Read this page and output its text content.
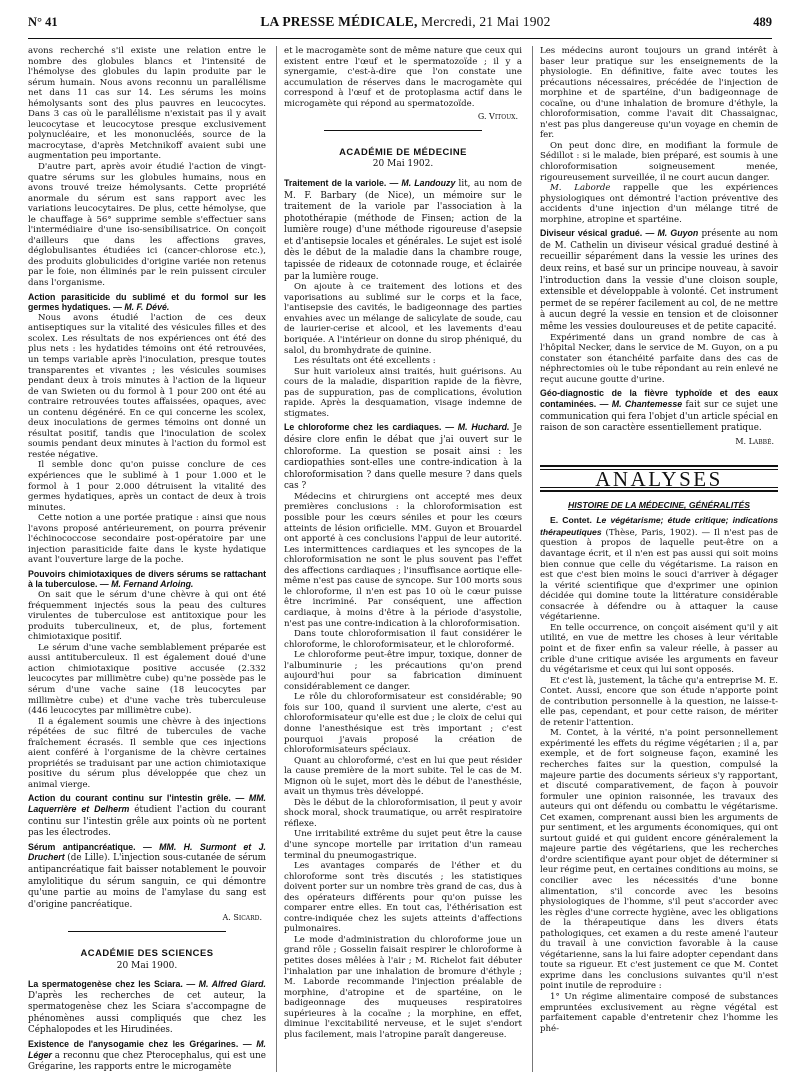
N° 41	LA PRESSE MÉDICALE, Mercredi, 21 Mai 1902	489

avons recherché s'il existe une relation entre le nombre des globules blancs et l'intensité de l'hémolyse des globules du lapin produite par le sérum humain. Nous avons reconnu un parallélisme net dans 11 cas sur 14. Les sérums les moins hémolysants sont des plus pauvres en leucocytes. Dans 3 cas où le parallélisme n'existait pas il y avait leucocytase et leucocytose presque exclusivement polynucléaire, et les mononucléés, source de la macrocytase, d'après Metchnikoff avaient subi une augmentation peu importante.

D'autre part, après avoir étudié l'action de vingt-quatre sérums sur les globules humains, nous en avons trouvé treize hémolysants. Cette propriété anormale du sérum est sans rapport avec les variations leucocytaires. De plus, cette hémolyse, que le chauffage à 56° supprime semble s'effectuer sans l'intermédiaire d'une iso-sensibilisatrice. On conçoit d'ailleurs que dans les affections graves, déglobulisantes étudiées ici (cancer-chlorose etc.), des produits globulicides d'origine variée non retenus par le foie, non éliminés par le rein puissent circuler dans l'organisme.

Action parasiticide du sublimé et du formol sur les germes hydatiques. — M. F. Dévé.

Nous avons étudié l'action de ces deux antiseptiques sur la vitalité des vésicules filles et des scolex. Les résultats de nos expériences ont été des plus nets : les hydatides témoins ont été retrouvées, un temps variable après l'inoculation, presque toutes transparentes et vivantes ; les vésicules soumises pendant deux à trois minutes à l'action de la liqueur de van Swieten ou du formol à 1 pour 200 ont été au contraire retrouvées toutes affaissées, opaques, avec un contenu dégénéré. En ce qui concerne les scolex, deux inoculations de germes témoins ont donné un résultat positif, tandis que l'inoculation de scolex soumis pendant deux minutes à l'action du formol est restée négative.

Il semble donc qu'on puisse conclure de ces expériences que le sublimé à 1 pour 1.000 et le formol à 1 pour 2.000 détruisent la vitalité des germes hydatiques, après un contact de deux à trois minutes.

Cette notion a une portée pratique : ainsi que nous l'avons proposé antérieurement, on pourra prévenir l'échinococcose secondaire post-opératoire par une injection parasiticide faite dans le kyste hydatique avant l'ouverture large de la poche.

Pouvoirs chimiotaxiques de divers sérums se rattachant à la tuberculose. — M. Fernand Arloing.

On sait que le sérum d'une chèvre à qui ont été fréquemment injectés sous la peau des cultures virulentes de tuberculose est antitoxique pour les produits tuberculineux, et, de plus, fortement chimiotaxique positif.

Le sérum d'une vache semblablement préparée est aussi antituberculeux. Il est également doué d'une action chimiotaxique positive accusée (2.332 leucocytes par millimètre cube) qu'ne possède pas le sérum d'une vache saine (18 leucocytes par millimètre cube) et d'une vache très tuberculeuse (446 leucocytes par millimètre cube).

Il a également soumis une chèvre à des injections répétées de suc filtré de tubercules de vache fraîchement écrasés. Il semble que ces injections aient conféré à l'organisme de la chèvre certaines propriétés se traduisant par une action chimiotaxique positive du sérum plus développée que chez un animal vierge.

Action du courant continu sur l'intestin grêle. — MM. Laquerrière et Delherm étudient l'action du courant continu sur l'intestin grêle aux points où ne portent pas les électrodes.
Sérum antipancréatique. — MM. H. Surmont et J. Druchert (de Lille). L'injection sous-cutanée de sérum antipancréatique fait baisser notablement le pouvoir amylolitique du sérum sanguin, ce qui démontre qu'une partie au moins de l'amylase du sang est d'origine pancréatique.
A. Sicard.
ACADÉMIE DES SCIENCES
20 Mai 1900.
La spermatogenèse chez les Sciara. — M. Alfred Giard. D'après les recherches de cet auteur, la spermatogenèse chez les Sciara s'accompagne de phénomènes aussi compliqués que chez les Céphalopodes et les Hirudinées.
Existence de l'anysogamie chez les Grégarines. — M. Léger a reconnu que chez Pterocephalus, qui est une Grégarine, les rapports entre le microgamète

et le macrogamète sont de même nature que ceux qui existent entre l'œuf et le spermatozoïde ; il y a synergamie, c'est-à-dire que l'on constate une accumulation de réserves dans le macrogamète qui correspond à l'œuf et de protoplasma actif dans le microgamète qui répond au spermatozoïde.

G. Vitoux.
ACADÉMIE DE MÉDECINE
20 Mai 1902.
Traitement de la variole. — M. Landouzy lit, au nom de M. F. Barbary (de Nice), un mémoire sur le traitement de la variole par l'association à la photothérapie (méthode de Finsen; action de la lumière rouge) d'une méthode rigoureuse d'asepsie et d'antisepsie locales et générales. Le sujet est isolé dès le début de la maladie dans la chambre rouge, tapissée de rideaux de cotonnade rouge, et éclairée par la lumière rouge.

On ajoute à ce traitement des lotions et des vaporisations au sublimé sur le corps et la face, l'antisepsie des cavités, le badigeonnage des parties envahies avec un mélange de salicylate de soude, cau de laurier-cerise et alcool, et les lavements d'eau boriquée. A l'intérieur on donne du sirop phéniqué, du salol, du bromhydrate de quinine.

Les résultats ont été excellents :

Sur huit varioleux ainsi traités, huit guérisons. Au cours de la maladie, disparition rapide de la fièvre, pas de suppuration, pas de complications, évolution rapide. Après la desquamation, visage indemne de stigmates.

Le chloroforme chez les cardiaques. — M. Huchard. Je désire clore enfin le débat que j'ai ouvert sur le chloroforme. La question se posait ainsi : les cardiopathies sont-elles une contre-indication à la chloroformisation ? dans quelle mesure ? dans quels cas ?

Médecins et chirurgiens ont accepté mes deux premières conclusions : la chloroformisation est possible pour les cœurs séniles et pour les cœurs atteints de lésion orificielle. MM. Guyon et Brouardel ont apporté à ces conclusions l'appui de leur autorité. Les intermittences cardiaques et les syncopes de la chloroformisation ne sont le plus souvent pas l'effet des affections cardiaques ; l'insuffisance aortique elle-même n'est pas cause de syncope. Sur 100 morts sous le chloroforme, il n'en est pas 10 où le cœur puisse être incriminé. Par conséquent, une affection cardiaque, à moins d'être à la période d'asystolie, n'est pas une contre-indication à la chloroformisation.

Dans toute chloroformisation il faut considérer le chloroforme, le chloroformisateur, et le chloroformé.

Le chloroforme peut-être impur, toxique, donner de l'albuminurie ; les précautions qu'on prend aujourd'hui pour sa fabrication diminuent considérablement ce danger.

Le rôle du chloroformisateur est considérable; 90 fois sur 100, quand il survient une alerte, c'est au chloroformisateur qu'elle est due ; le cloix de celui qui donne l'anesthésique est très important ; c'est pourquoi j'avais proposé la création de chloroformisateurs spéciaux.

Quant au chloroformé, c'est en lui que peut résider la cause première de la mort subite. Tel le cas de M. Mignon où le sujet, mort dès le début de l'anesthésie, avait un thymus très développé.

Dès le début de la chloroformisation, il peut y avoir shock moral, shock traumatique, ou arrêt respiratoire réflexe.

Une irritabilité extrême du sujet peut être la cause d'une syncope mortelle par irritation d'un rameau terminal du pneumogastrique.

Les avantages comparés de l'éther et du chloroforme sont très discutés ; les statistiques doivent porter sur un nombre très grand de cas, dus à des opérateurs différents pour qu'on puisse les comparer entre elles. En tout cas, l'éthérisation est contre-indiquée chez les sujets atteints d'affections pulmonaires.

Le mode d'administration du chloroforme joue un grand rôle ; Gosselin faisait respirer le chloroforme à petites doses mêlées à l'air ; M. Richelot fait débuter l'inhalation par une inhalation de bromure d'éthyle ; M. Laborde recommande l'injection préalable de morphine, d'atropine et de spartéine, on le badigeonnage des muqueuses respiratoires supérieures à la cocaïne ; la morphine, en effet, diminue l'excitabilité nerveuse, et le sujet s'endort plus facilement, mais l'atropine paraît dangereuse.

Les médecins auront toujours un grand intérêt à baser leur pratique sur les enseignements de la physiologie. En définitive, faite avec toutes les précautions nécessaires, précédée de l'injection de morphine et de spartéine, d'un badigeonnage de cocaïne, ou d'une inhalation de bromure d'éthyle, la chloroformisation, comme l'avait dit Chassaignac, n'est pas plus dangereuse qu'un voyage en chemin de fer.

On peut donc dire, en modifiant la formule de Sédillot : si le malade, bien préparé, est soumis à une chloroformisation soigneusement menée, rigoureusement surveillée, il ne court aucun danger.

M. Laborde rappelle que les expériences physiologiques ont démontré l'action préventive des accidents d'une injection d'un mélange titré de morphine, atropine et spartéine.

Diviseur vésical gradué. — M. Guyon présente au nom de M. Cathelin un diviseur vésical gradué destiné à recueillir séparément dans la vessie les urines des deux reins, et basé sur un principe nouveau, à savoir l'introduction dans la vessie d'une cloison souple, extensible et développable à volonté. Cet instrument permet de se repérer facilement au col, de ne mettre à aucun degré la vessie en tension et de cloisonner même les vessies douloureuses et de petite capacité.

Expérimenté dans un grand nombre de cas à l'hôpital Necker, dans le service de M. Guyon, on a pu constater son étanchéité parfaite dans des cas de néphrectomies où le tube répondant au rein enlevé ne reçut aucune goutte d'urine.

Géo-diagnostic de la fièvre typhoïde et des eaux contaminées. — M. Chantemesse fait sur ce sujet une communication qui fera l'objet d'un article spécial en raison de son caractère essentiellement pratique.
M. Labbé.
ANALYSES
HISTOIRE DE LA MÉDECINE, GÉNÉRALITÉS

E. Contet. Le végétarisme; étude critique; indications thérapeutiques (Thèse, Paris, 1902). — Il n'est pas de question à propos de laquelle peut-être on a davantage écrit, et il n'en est pas aussi qui soit moins bien connue que celle du végétarisme. La raison en est que c'est bien moins le souci d'arriver à dégager la vérité scientifique que d'exprimer une opinion décidée qui domine toute la littérature considérable consacrée à défendre ou à attaquer la cause végétarienne.

En telle occurrence, on conçoit aisément qu'il y ait utilité, en vue de mettre les choses à leur véritable point et de fixer enfin sa valeur réelle, à passer au crible d'une critique avisée les arguments en faveur du végétarisme et ceux qui lui sont opposés.

Et c'est là, justement, la tâche qu'a entreprise M. E. Contet. Aussi, encore que son étude n'apporte point de contribution personnelle à la question, ne laisse-t-elle pas, cependant, et pour cette raison, de mériter de retenir l'attention.

M. Contet, à la vérité, n'a point personnellement expérimenté les effets du régime végétarien ; il a, par exemple, et de fort soigneuse façon, examiné les recherches faites sur la question, compulsé la majeure partie des documents sérieux s'y rapportant, et discuté comparativement, de façon à pouvoir formuler une opinion raisonnée, les travaux des auteurs qui ont défendu ou combattu le végétarisme. Cet examen, comprenant aussi bien les arguments de pur sentiment, et les arguments économiques, qui ont surtout guidé et qui guident encore généralement la majeure partie des végétariens, que les recherches d'ordre scientifique ayant pour objet de déterminer si leur régime peut, en certaines conditions au moins, se concilier avec les nécessités d'une bonne alimentation, s'il concorde avec les besoins physiologiques de l'homme, s'il peut s'accorder avec les règles d'une correcte hygiène, avec les obligations de la thérapeutique dans les divers états pathologiques, cet examen a du reste amené l'auteur du travail à une conviction favorable à la cause végétarienne, sans la lui faire adopter cependant dans toute sa rigueur. Et c'est justement ce que M. Contet exprime dans les conclusions suivantes qu'il n'est point inutile de reproduire :

1° Un régime alimentaire composé de substances empruntées exclusivement au règne végétal est parfaitement capable d'entretenir chez l'homme les phé-
